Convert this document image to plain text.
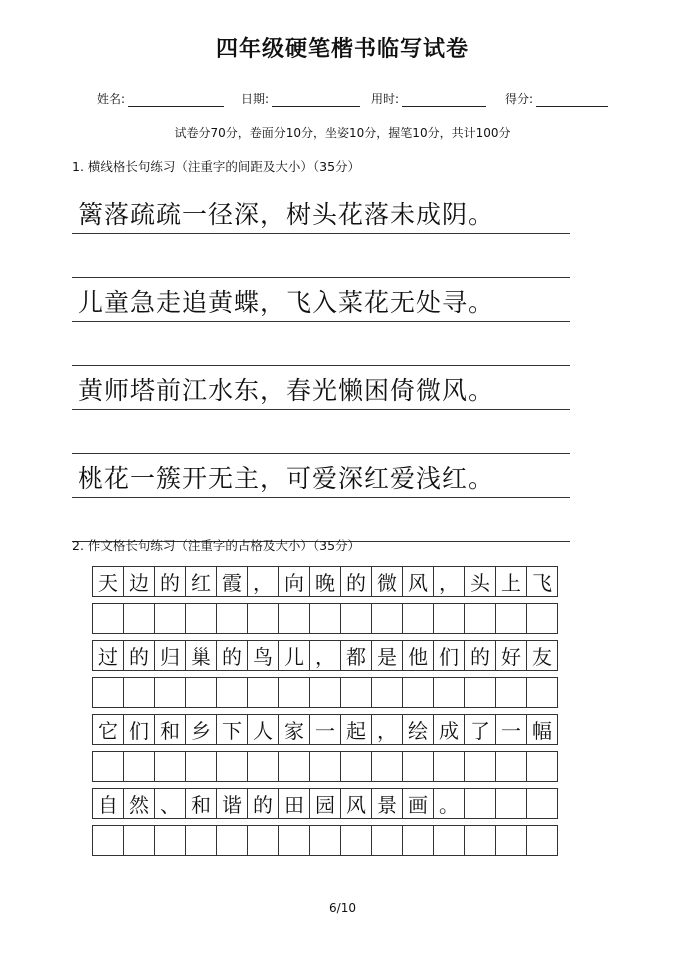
四年级硬笔楷书临写试卷
姓名:	日期:	用时:	得分:
试卷分70分，卷面分10分，坐姿10分，握笔10分，共计100分
1. 横线格长句练习（注重字的间距及大小）（35分）
篱落疏疏一径深，树头花落未成阴。
儿童急走追黄蝶，飞入菜花无处寻。
黄师塔前江水东，春光懒困倚微风。
桃花一簇开无主，可爱深红爱浅红。
2. 作文格长句练习（注重字的占格及大小）（35分）
天 边 的 红 霞 ， 向 晚 的 微 风 ， 头 上 飞
过 的 归 巢 的 鸟 儿 ， 都 是 他 们 的 好 友
它 们 和 乡 下 人 家 一 起 ， 绘 成 了 一 幅
自 然 、 和 谐 的 田 园 风 景 画 。
6/10
